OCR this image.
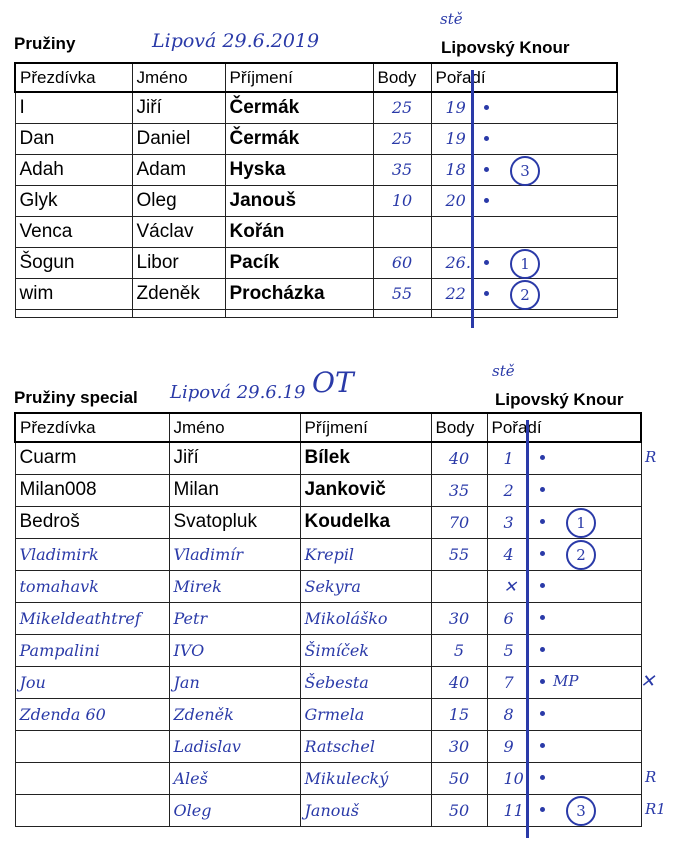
Pružiny	Lipová 29.6.2019
stě
Lipovský Knour
Přezdívka	Jméno	Příjmení	Body	Pořadí
I	Jiří	Čermák	25	19
Dan	Daniel	Čermák	25	19
Adah	Adam	Hyska	35	18
Glyk	Oleg	Janouš	10	20
Venca	Václav	Kořán		
Šogun	Libor	Pacík	60	26.
wim	Zdeněk	Procházka	55	22

Pružiny special Lipová 29.6.19 OT	stě
Lipovský Knour
Přezdívka	Jméno	Příjmení	Body	Pořadí
Cuarm	Jiří	Bílek	40	1
Milan008	Milan	Jankovič	35	2
Bedroš	Svatopluk	Koudelka	70	3
Vladimirk	Vladimír	Krepil	55	4
tomahavk	Mirek	Sekyra		✕
Mikeldeathtref	Petr	Mikoláško	30	6
Pampalini	IVO	Šimíček	5	5
Jou	Jan	Šebesta	40	7
Zdenda 60	Zdeněk	Grmela	15	8
	Ladislav	Ratschel	30	9
	Aleš	Mikulecký	50	10
	Oleg	Janouš	50	11
3
1
2
R
1
2
MP	✕
R
3	R1
